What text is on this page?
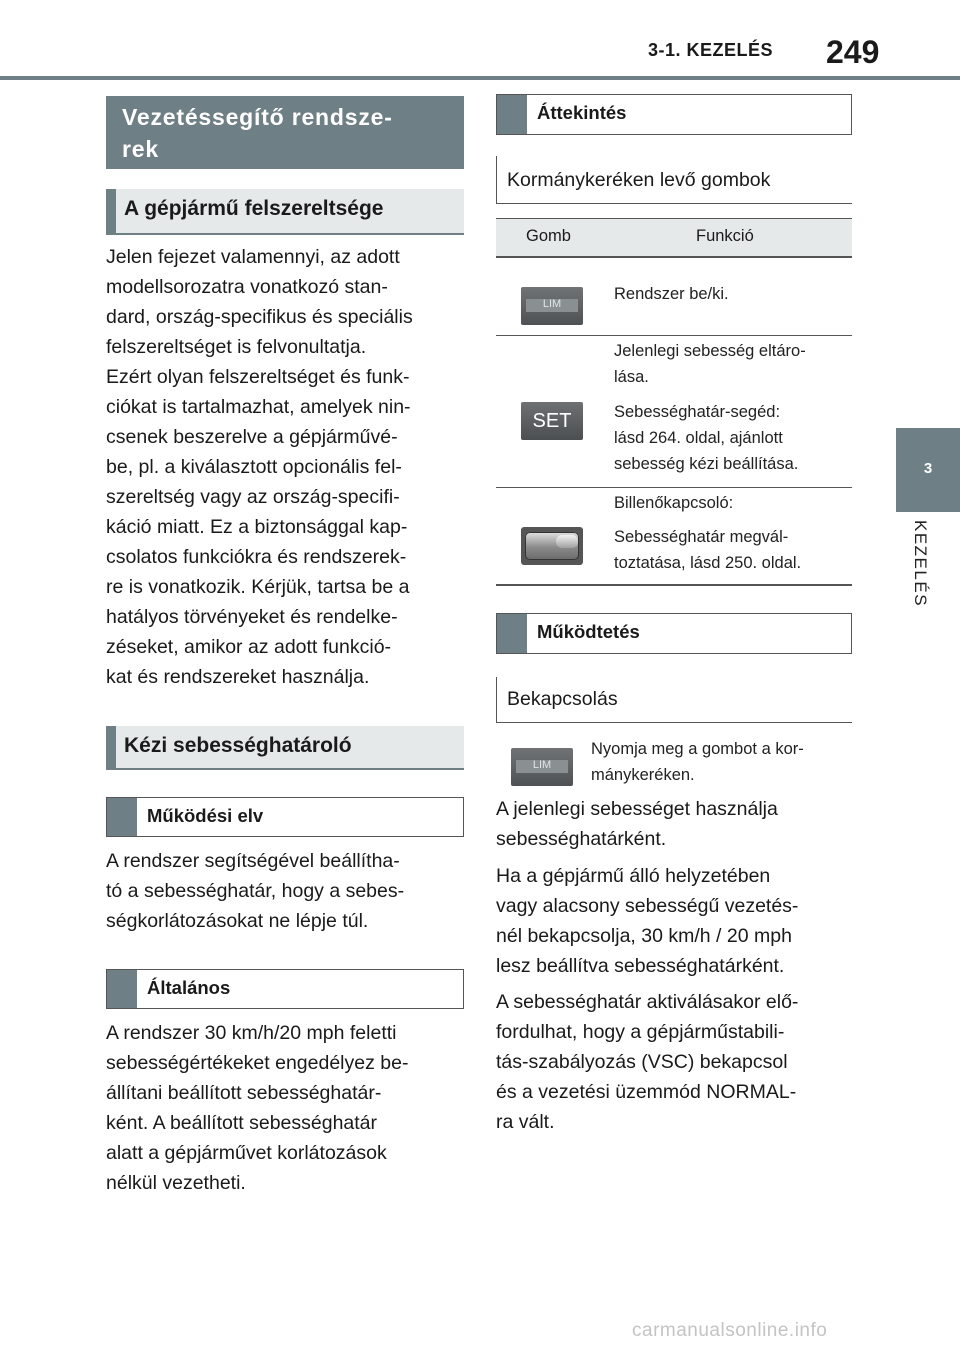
3-1. KEZELÉS 249
3
KEZELÉS
Vezetéssegítő rendsze-
rek
A gépjármű felszereltsége
Jelen fejezet valamennyi, az adott
modellsorozatra vonatkozó stan-
dard, ország-specifikus és speciális
felszereltséget is felvonultatja.
Ezért olyan felszereltséget és funk-
ciókat is tartalmazhat, amelyek nin-
csenek beszerelve a gépjárművé-
be, pl. a kiválasztott opcionális fel-
szereltség vagy az ország-specifi-
káció miatt. Ez a biztonsággal kap-
csolatos funkciókra és rendszerek-
re is vonatkozik. Kérjük, tartsa be a
hatályos törvényeket és rendelke-
zéseket, amikor az adott funkció-
kat és rendszereket használja.
Kézi sebességhatároló
Működési elv
A rendszer segítségével beállítha-
tó a sebességhatár, hogy a sebes-
ségkorlátozásokat ne lépje túl.
Általános
A rendszer 30 km/h/20 mph feletti
sebességértékeket engedélyez be-
állítani beállított sebességhatár-
ként. A beállított sebességhatár
alatt a gépjárművet korlátozások
nélkül vezetheti.
Áttekintés
Kormánykeréken levő gombok
Gomb	Funkció
LIM
Rendszer be/ki.
SET
Jelenlegi sebesség eltáro-
lása.
Sebességhatár-segéd:
lásd 264. oldal, ajánlott
sebesség kézi beállítása.
Billenőkapcsoló:
Sebességhatár megvál-
toztatása, lásd 250. oldal.
Működtetés
Bekapcsolás
LIM
Nyomja meg a gombot a kor-
mánykeréken.
A jelenlegi sebességet használja
sebességhatárként.
Ha a gépjármű álló helyzetében
vagy alacsony sebességű vezetés-
nél bekapcsolja, 30 km/h / 20 mph
lesz beállítva sebességhatárként.
A sebességhatár aktiválásakor elő-
fordulhat, hogy a gépjárműstabili-
tás-szabályozás (VSC) bekapcsol
és a vezetési üzemmód NORMAL-
ra vált.
carmanualsonline.info
